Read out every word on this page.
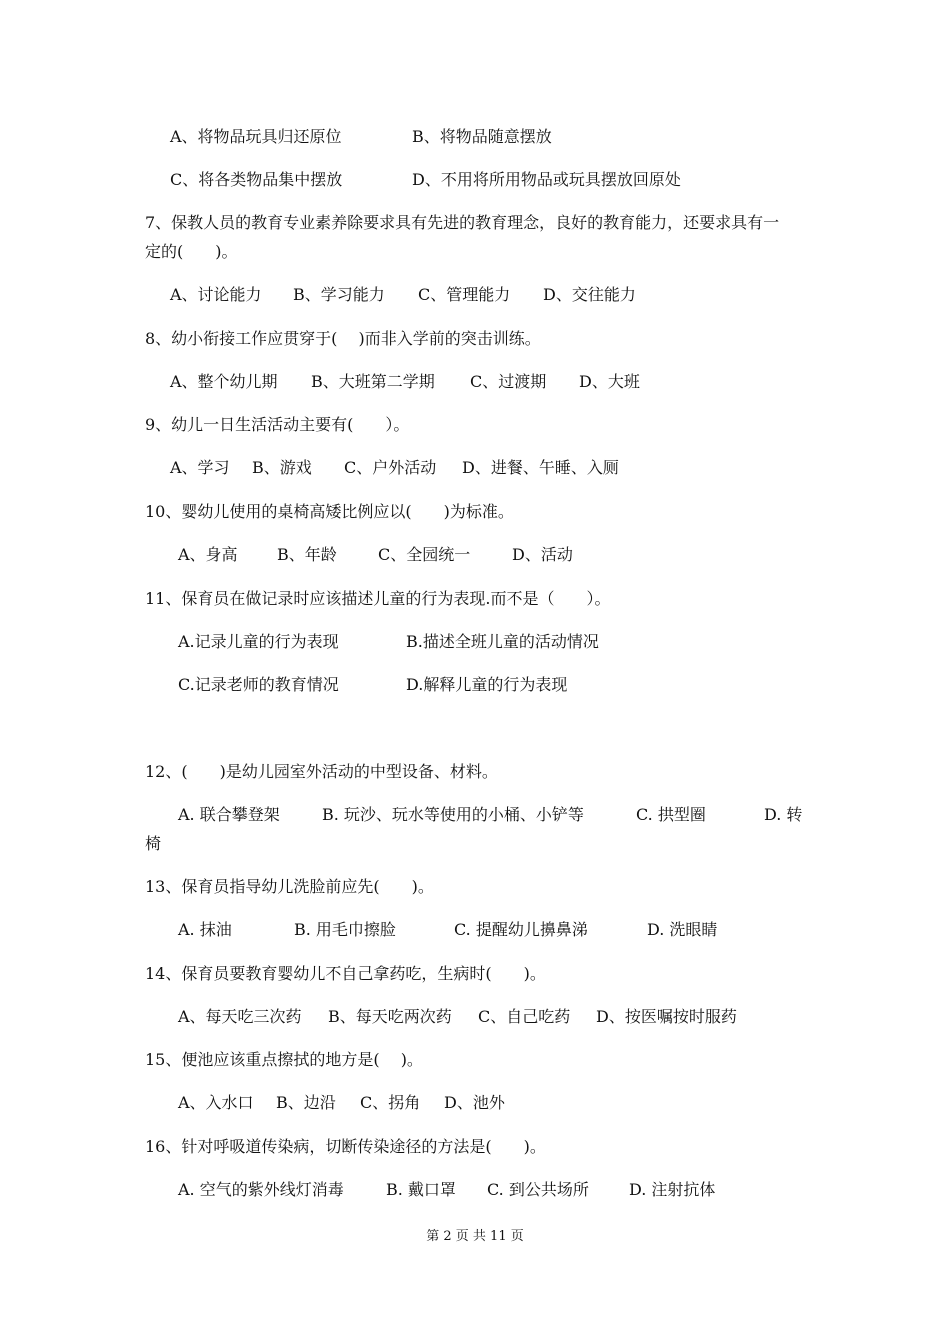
A、将物品玩具归还原位	B、将物品随意摆放
C、将各类物品集中摆放	D、不用将所用物品或玩具摆放回原处
7、保教人员的教育专业素养除要求具有先进的教育理念，良好的教育能力，还要求具有一
定的(　　)。
A、讨论能力 B、学习能力 C、管理能力 D、交往能力
8、幼小衔接工作应贯穿于(　 )而非入学前的突击训练。
A、整个幼儿期 B、大班第二学期 C、过渡期 D、大班
9、幼儿一日生活活动主要有(　　）。
A、学习 B、游戏 C、户外活动 D、进餐、午睡、入厕
10、婴幼儿使用的桌椅高矮比例应以(　　)为标准。
A、身高 B、年龄	C、全园统一	D、活动
11、保育员在做记录时应该描述儿童的行为表现.而不是（　　）。
A.记录儿童的行为表现	B.描述全班儿童的活动情况
C.记录老师的教育情况	D.解释儿童的行为表现
12、(　　)是幼儿园室外活动的中型设备、材料。
A. 联合攀登架	B. 玩沙、玩水等使用的小桶、小铲等	C. 拱型圈	D. 转
椅
13、保育员指导幼儿洗脸前应先(　　)。
A. 抹油	B. 用毛巾擦脸	C. 提醒幼儿擤鼻涕	D. 洗眼睛
14、保育员要教育婴幼儿不自己拿药吃，生病时(　　)。
A、每天吃三次药 B、每天吃两次药 C、自己吃药 D、按医嘱按时服药
15、便池应该重点擦拭的地方是(　 )。
A、入水口 B、边沿 C、拐角 D、池外
16、针对呼吸道传染病，切断传染途径的方法是(　　)。
A. 空气的紫外线灯消毒	B. 戴口罩 C. 到公共场所	D. 注射抗体
第 2 页 共 11 页
